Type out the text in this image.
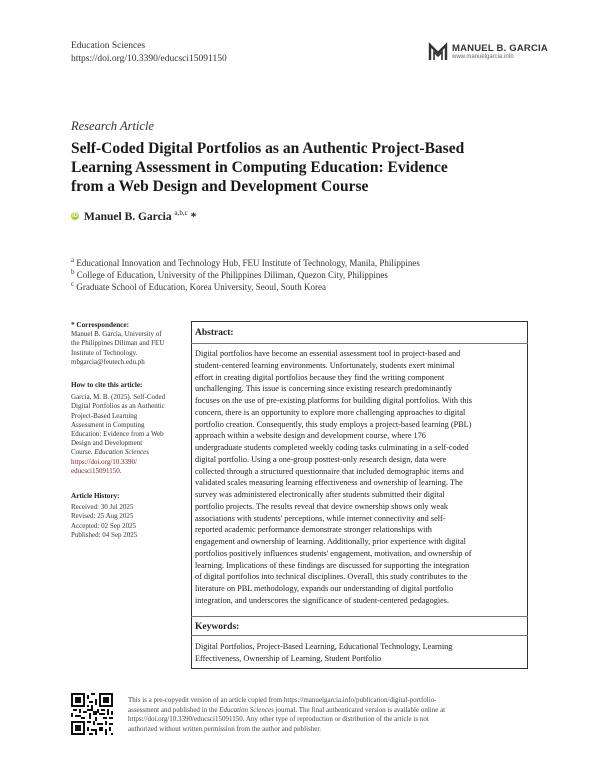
Education Sciences
https://doi.org/10.3390/educsci15091150
MANUEL B. GARCIA
www.manuelgarcia.info
Research Article
Self-Coded Digital Portfolios as an Authentic Project-Based
Learning Assessment in Computing Education: Evidence
from a Web Design and Development Course
iD Manuel B. Garcia $^{a,b,c}$ *
$^a$ Educational Innovation and Technology Hub, FEU Institute of Technology, Manila, Philippines
$^b$ College of Education, University of the Philippines Diliman, Quezon City, Philippines
$^c$ Graduate School of Education, Korea University, Seoul, South Korea
* Correspondence:
Manuel B. Garcia, University of
the Philippines Diliman and FEU
Institute of Technology.
mbgarcia@feutech.edu.ph
How to cite this article:
Garcia, M. B. (2025). Self-Coded
Digital Portfolios as an Authentic
Project-Based Learning
Assessment in Computing
Education: Evidence from a Web
Design and Development
Course. Education Sciences
https://doi.org/10.3390/
educsci15091150.
Article History:
Received: 30 Jul 2025
Revised: 25 Aug 2025
Accepted: 02 Sep 2025
Published: 04 Sep 2025
Abstract:
Digital portfolios have become an essential assessment tool in project-based and
student-centered learning environments. Unfortunately, students exert minimal
effort in creating digital portfolios because they find the writing component
unchallenging. This issue is concerning since existing research predominantly
focuses on the use of pre-existing platforms for building digital portfolios. With this
concern, there is an opportunity to explore more challenging approaches to digital
portfolio creation. Consequently, this study employs a project-based learning (PBL)
approach within a website design and development course, where 176
undergraduate students completed weekly coding tasks culminating in a self-coded
digital portfolio. Using a one-group posttest-only research design, data were
collected through a structured questionnaire that included demographic items and
validated scales measuring learning effectiveness and ownership of learning. The
survey was administered electronically after students submitted their digital
portfolio projects. The results reveal that device ownership shows only weak
associations with students' perceptions, while internet connectivity and self-
reported academic performance demonstrate stronger relationships with
engagement and ownership of learning. Additionally, prior experience with digital
portfolios positively influences students' engagement, motivation, and ownership of
learning. Implications of these findings are discussed for supporting the integration
of digital portfolios into technical disciplines. Overall, this study contributes to the
literature on PBL methodology, expands our understanding of digital portfolio
integration, and underscores the significance of student-centered pedagogies.
Keywords:
Digital Portfolios, Project-Based Learning, Educational Technology, Learning
Effectiveness, Ownership of Learning, Student Portfolio
This is a pre-copyedit version of an article copied from https://manuelgarcia.info/publication/digital-portfolio-
assessment and published in the Education Sciences journal. The final authenticated version is available online at
https://doi.org/10.3390/educsci15091150. Any other type of reproduction or distribution of the article is not
authorized without written permission from the author and publisher.
